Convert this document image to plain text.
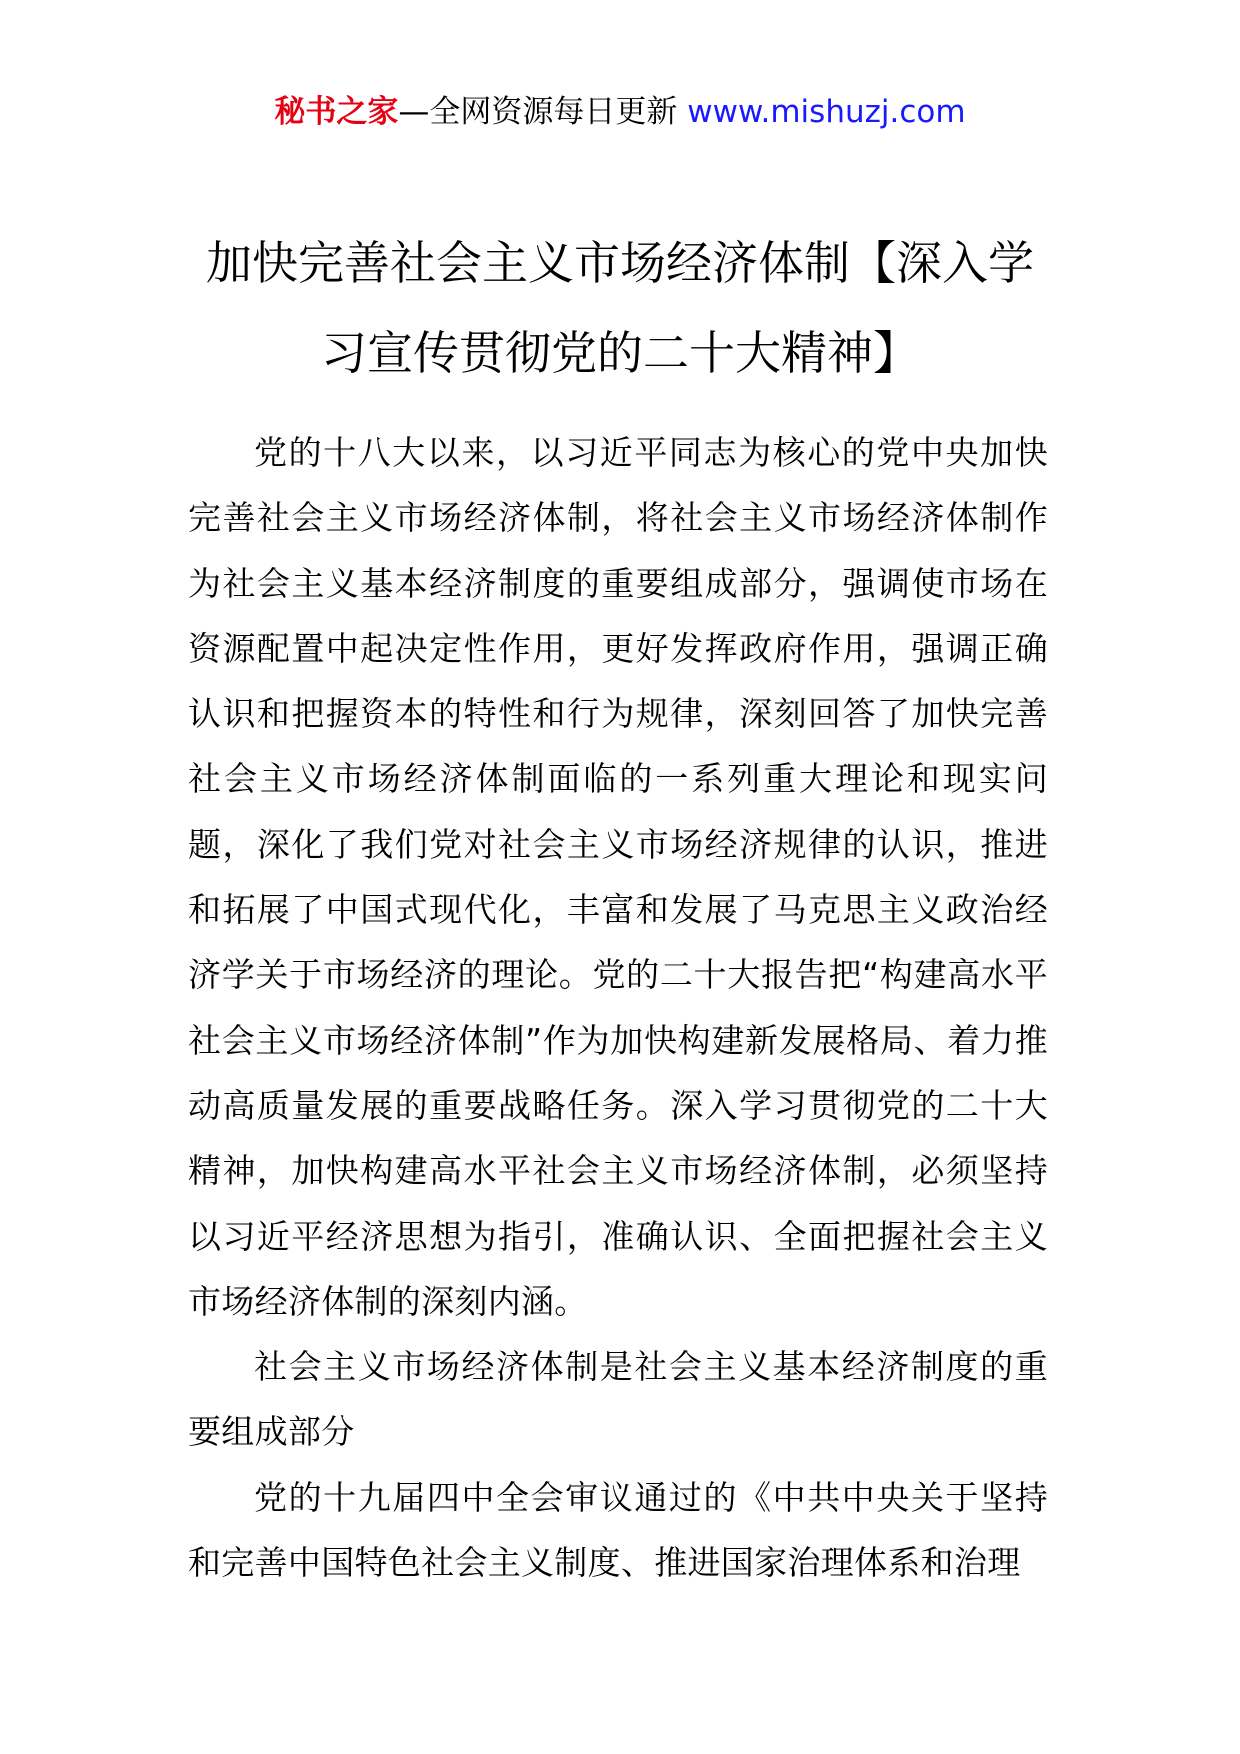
秘书之家—全网资源每日更新 www.mishuzj.com
加快完善社会主义市场经济体制【深入学
习宣传贯彻党的二十大精神】

党的十八大以来，以习近平同志为核心的党中央加快完善社会主义市场经济体制，将社会主义市场经济体制作为社会主义基本经济制度的重要组成部分，强调使市场在资源配置中起决定性作用，更好发挥政府作用，强调正确认识和把握资本的特性和行为规律，深刻回答了加快完善社会主义市场经济体制面临的一系列重大理论和现实问题，深化了我们党对社会主义市场经济规律的认识，推进和拓展了中国式现代化，丰富和发展了马克思主义政治经济学关于市场经济的理论。党的二十大报告把“构建高水平社会主义市场经济体制”作为加快构建新发展格局、着力推动高质量发展的重要战略任务。深入学习贯彻党的二十大精神，加快构建高水平社会主义市场经济体制，必须坚持以习近平经济思想为指引，准确认识、全面把握社会主义市场经济体制的深刻内涵。

社会主义市场经济体制是社会主义基本经济制度的重要组成部分

党的十九届四中全会审议通过的《中共中央关于坚持和完善中国特色社会主义制度、推进国家治理体系和治理
